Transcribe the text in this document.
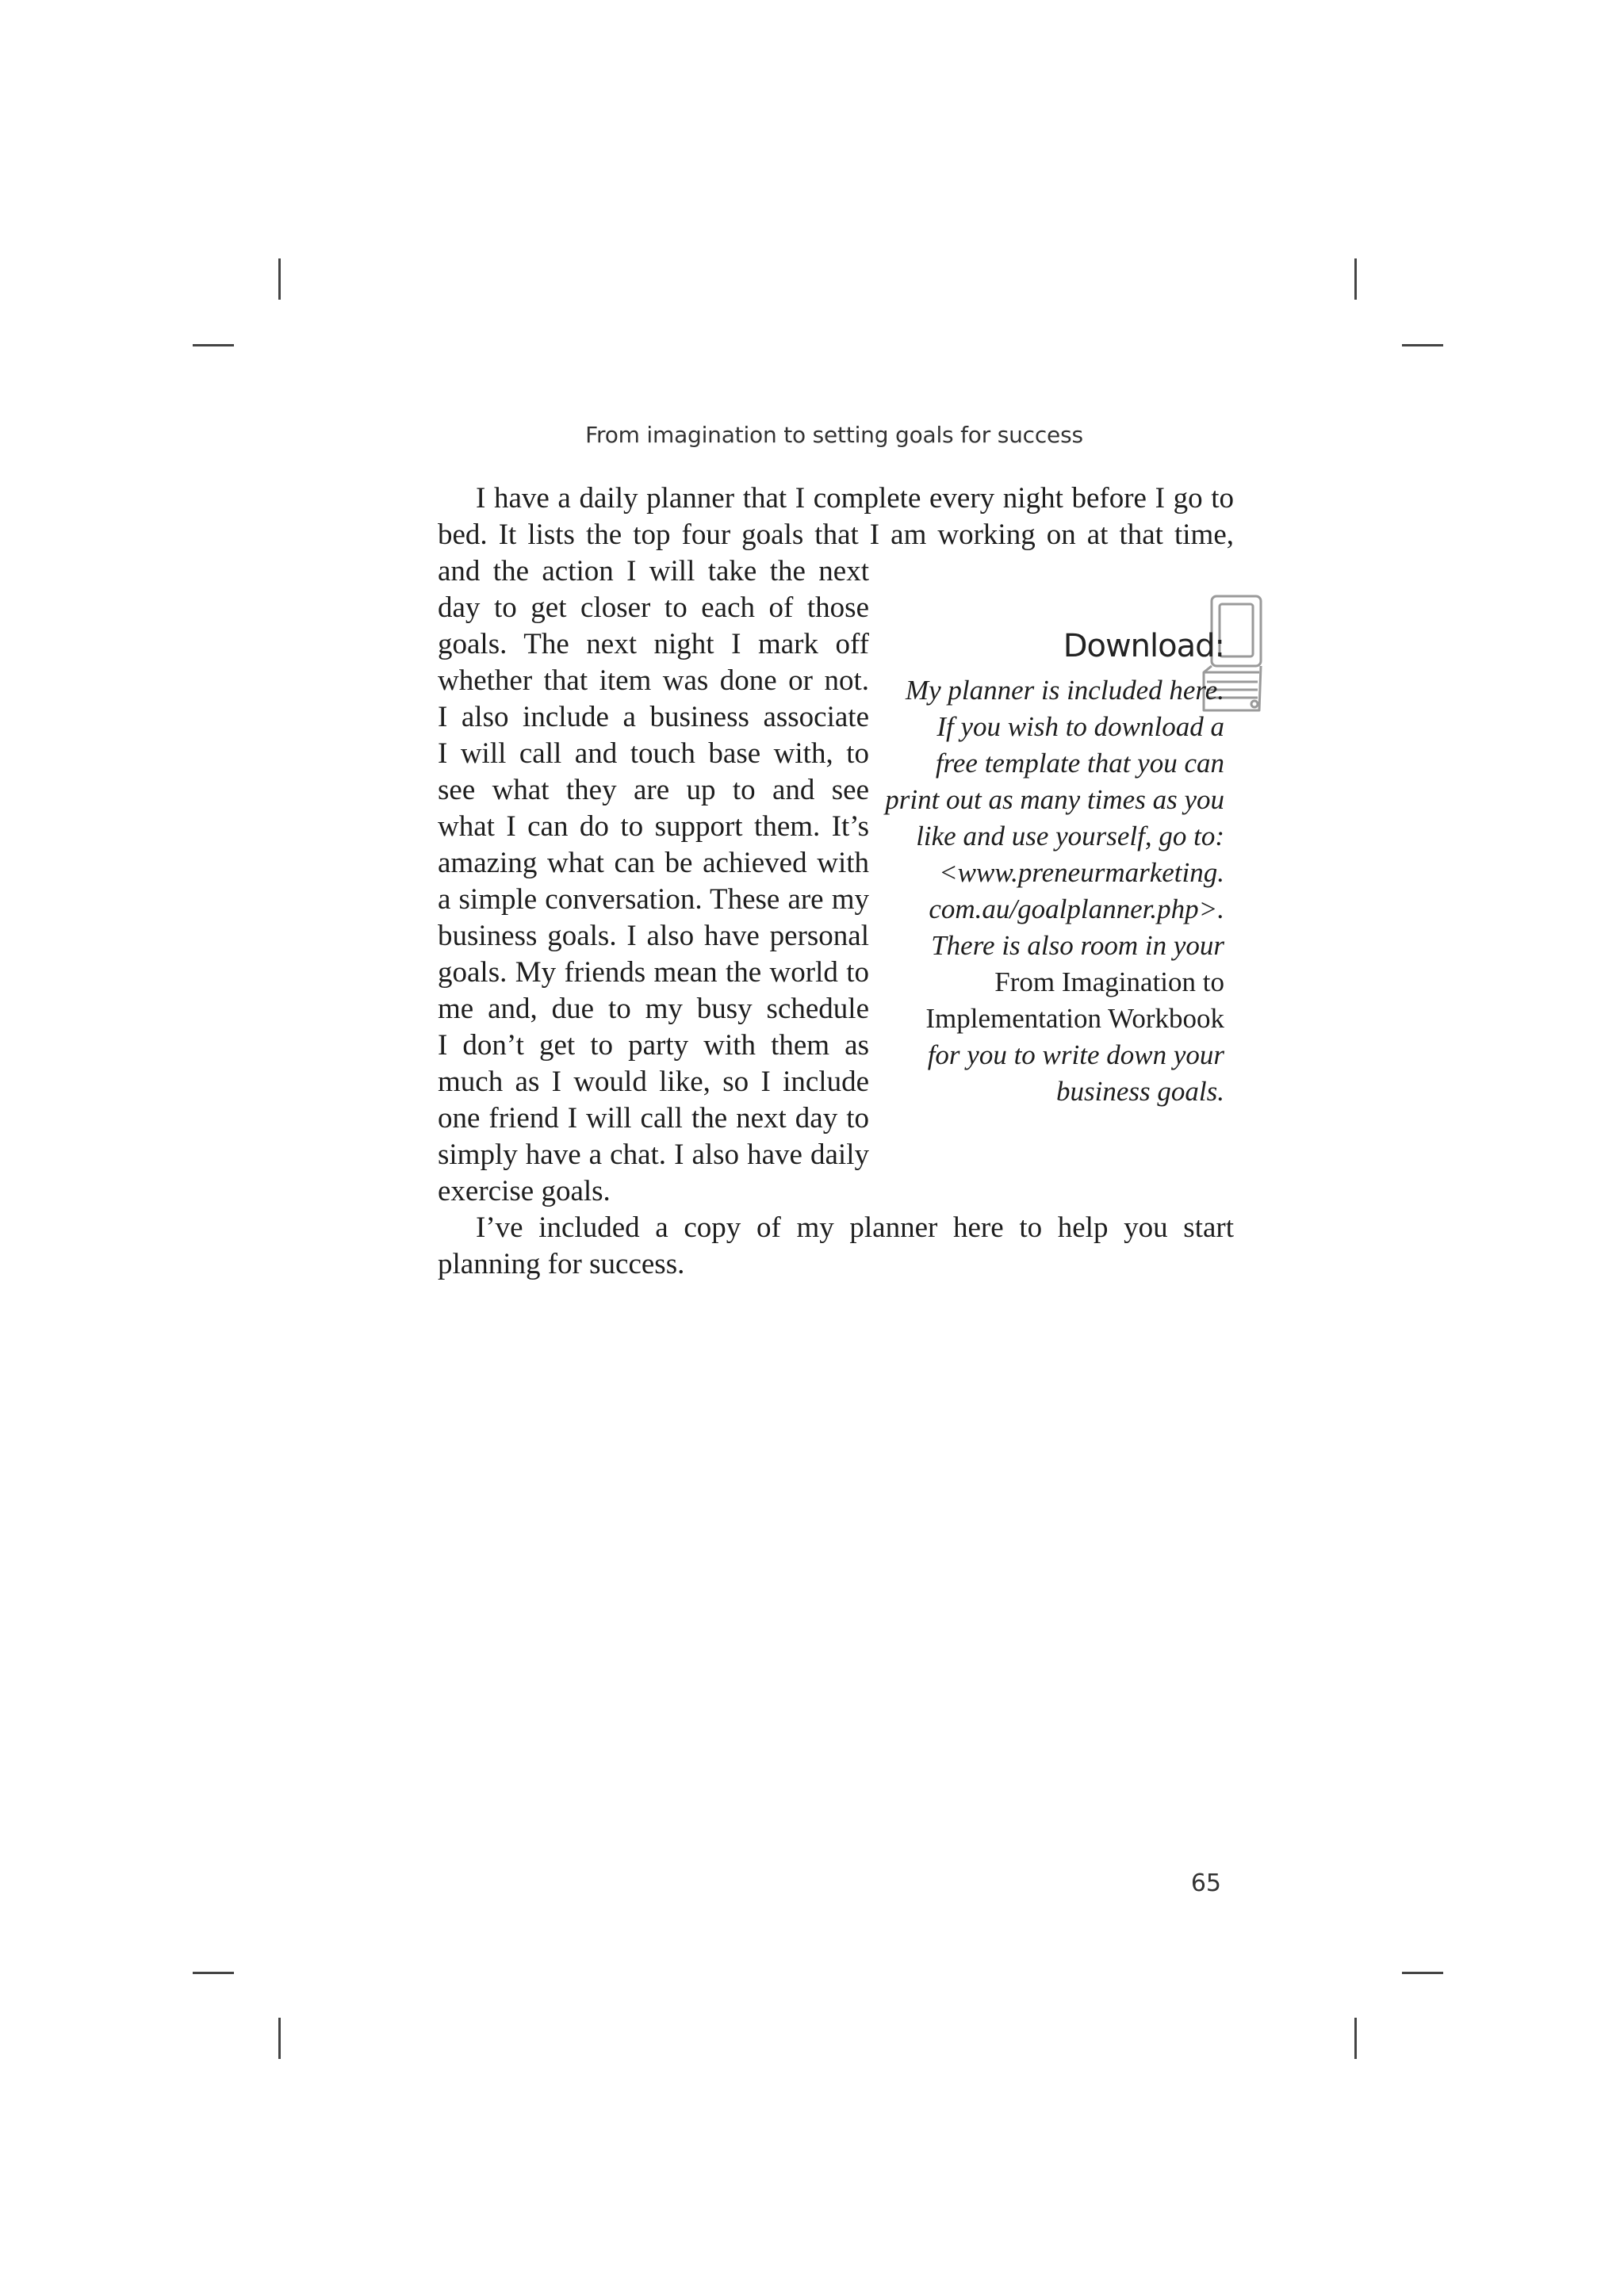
From imagination to setting goals for success
I have a daily planner that I complete every night before I go to
bed. It lists the top four goals that I am working on at that time,
and the action I will take the next
day to get closer to each of those
goals. The next night I mark off
whether that item was done or not.
I also include a business associate
I will call and touch base with, to
see what they are up to and see
what I can do to support them. It’s
amazing what can be achieved with
a simple conversation. These are my
business goals. I also have personal
goals. My friends mean the world to
me and, due to my busy schedule
I don’t get to party with them as
much as I would like, so I include
one friend I will call the next day to
simply have a chat. I also have daily
exercise goals.
I’ve included a copy of my planner here to help you start
planning for success.
Download:
My planner is included here.
If you wish to download a
free template that you can
print out as many times as you
like and use yourself, go to:
<www.preneurmarketing.
com.au/goalplanner.php>.
There is also room in your
From Imagination to
Implementation Workbook
for you to write down your
business goals.
65
